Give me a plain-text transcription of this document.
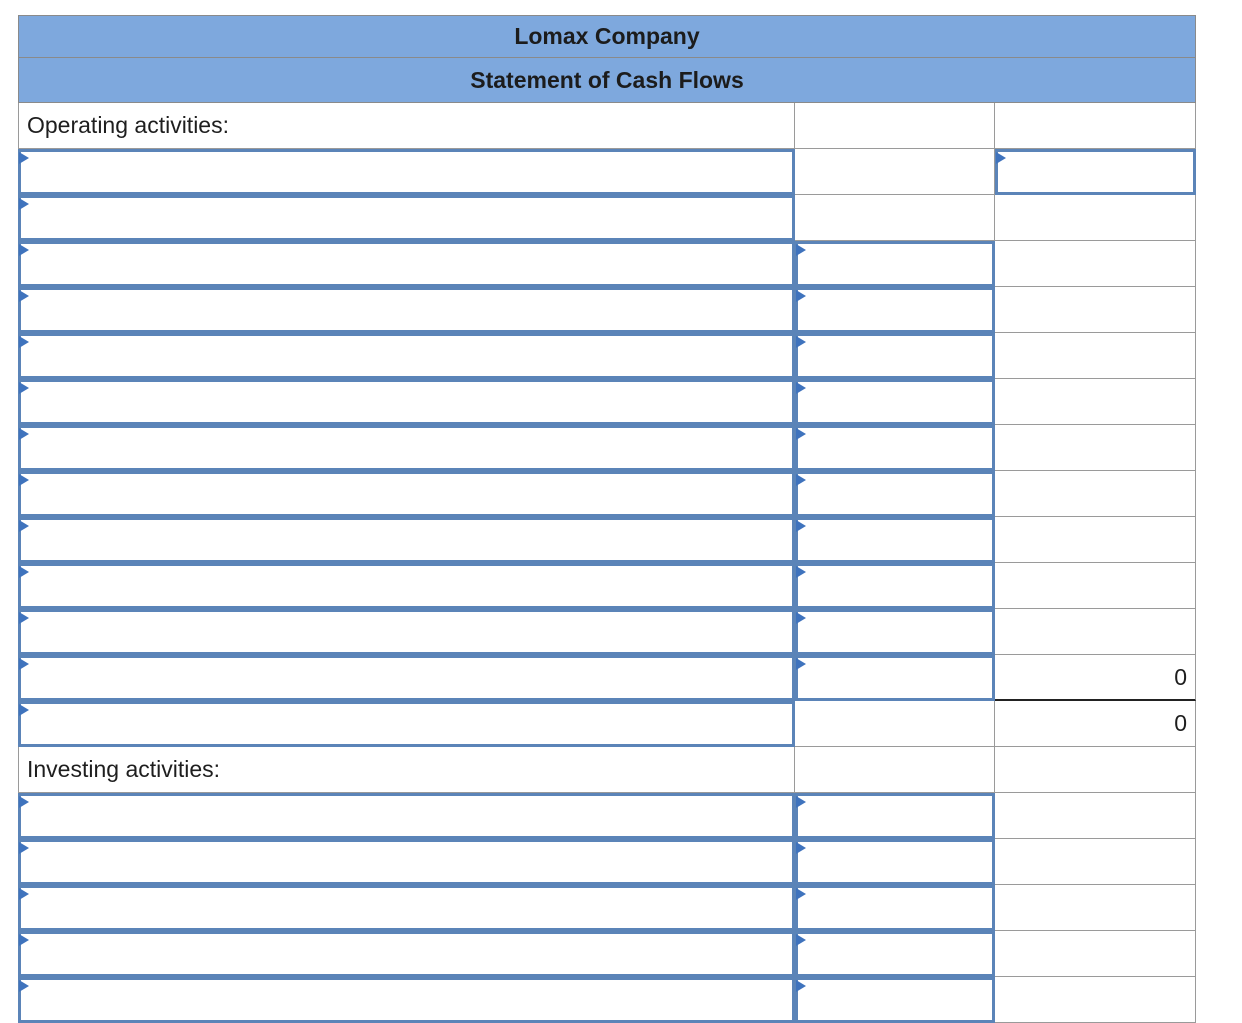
Lomax Company
Statement of Cash Flows
Operating activities:
0
0
Investing activities:
